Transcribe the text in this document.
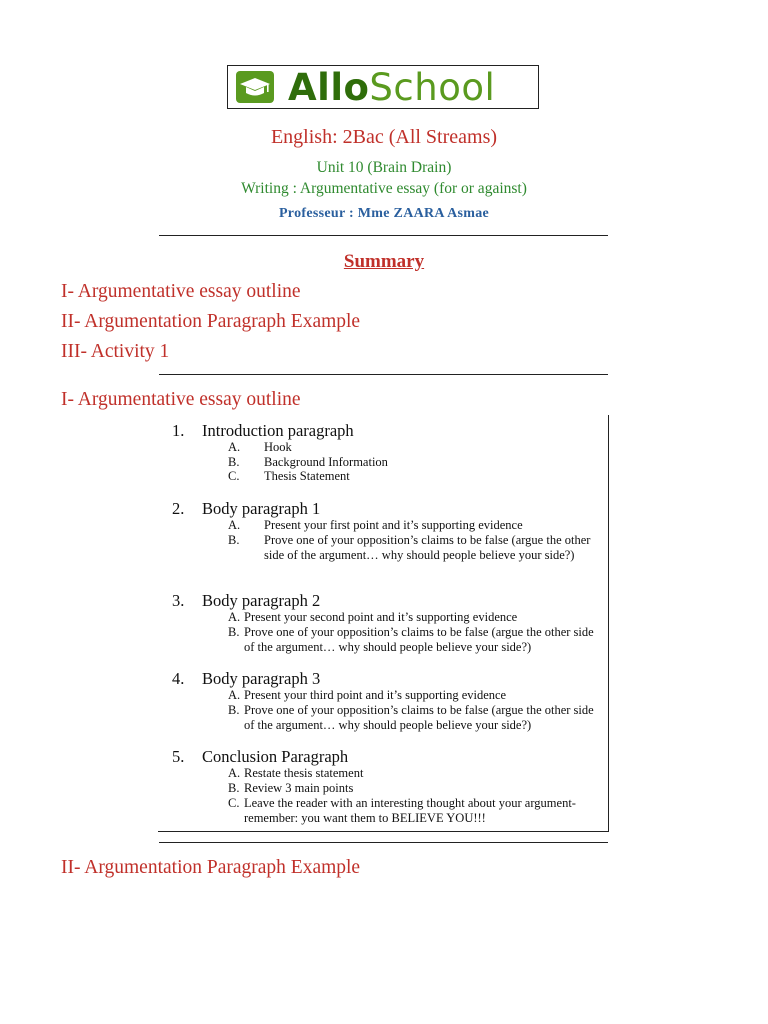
AlloSchool
English: 2Bac (All Streams)
Unit 10 (Brain Drain)
Writing : Argumentative essay (for or against)
Professeur : Mme ZAARA Asmae
Summary
I- Argumentative essay outline
II- Argumentation Paragraph Example
III- Activity 1
I- Argumentative essay outline
1. Introduction paragraph
A. Hook
B. Background Information
C. Thesis Statement
2. Body paragraph 1
A. Present your first point and it’s supporting evidence
B. Prove one of your opposition’s claims to be false (argue the other side of the argument… why should people believe your side?)
3. Body paragraph 2
A. Present your second point and it’s supporting evidence
B. Prove one of your opposition’s claims to be false (argue the other side of the argument… why should people believe your side?)
4. Body paragraph 3
A. Present your third point and it’s supporting evidence
B. Prove one of your opposition’s claims to be false (argue the other side of the argument… why should people believe your side?)
5. Conclusion Paragraph
A. Restate thesis statement
B. Review 3 main points
C. Leave the reader with an interesting thought about your argument- remember: you want them to BELIEVE YOU!!!
II- Argumentation Paragraph Example
